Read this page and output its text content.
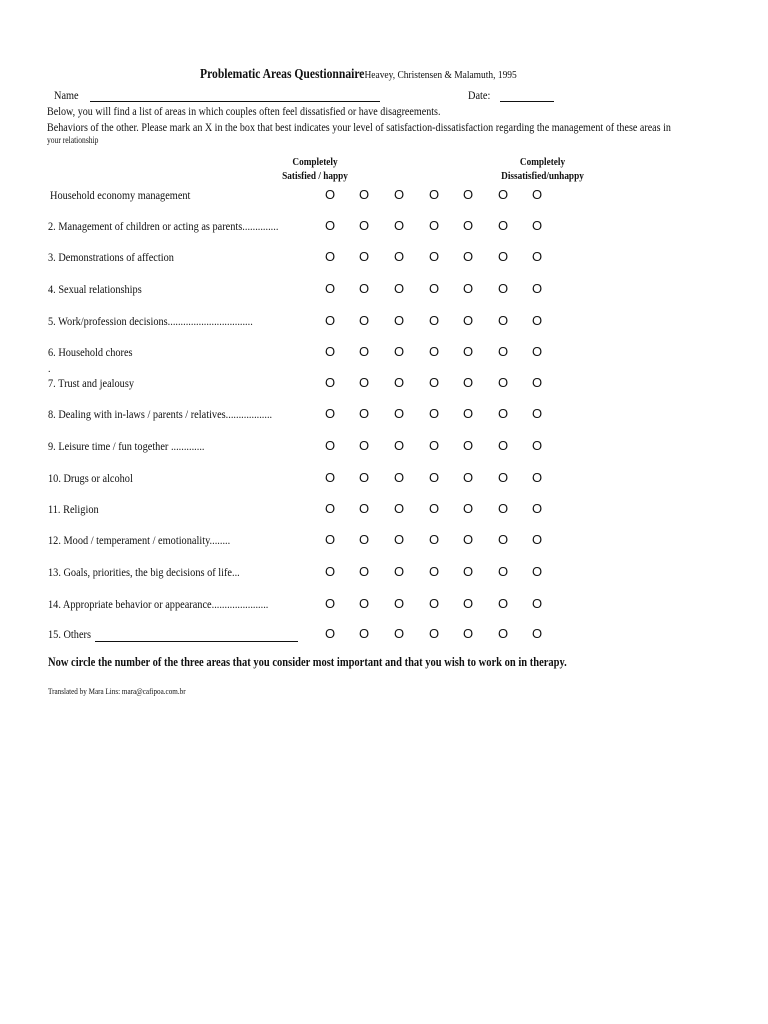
Problematic Areas QuestionnaireHeavey, Christensen & Malamuth, 1995
Name	Date:
Below, you will find a list of areas in which couples often feel dissatisfied or have disagreements.
Behaviors of the other. Please mark an X in the box that best indicates your level of satisfaction-dissatisfaction regarding the management of these areas in
your relationship
Completely
Satisfied / happy
Completely
Dissatisfied/unhappy
Household economy management	O O O O O O O
2. Management of children or acting as parents..............	O O O O O O O
3. Demonstrations of affection	O O O O O O O
4. Sexual relationships	O O O O O O O
5. Work/profession decisions.................................	O O O O O O O
6. Household chores	O O O O O O O
7. Trust and jealousy	O O O O O O O
8. Dealing with in-laws / parents / relatives..................	O O O O O O O
9. Leisure time / fun together .............	O O O O O O O
10. Drugs or alcohol	O O O O O O O
11. Religion	O O O O O O O
12. Mood / temperament / emotionality........	O O O O O O O
13. Goals, priorities, the big decisions of life...	O O O O O O O
14. Appropriate behavior or appearance......................	O O O O O O O
15. Others	O O O O O O O
.
Now circle the number of the three areas that you consider most important and that you wish to work on in therapy.
Translated by Mara Lins: mara@cafipoa.com.br
